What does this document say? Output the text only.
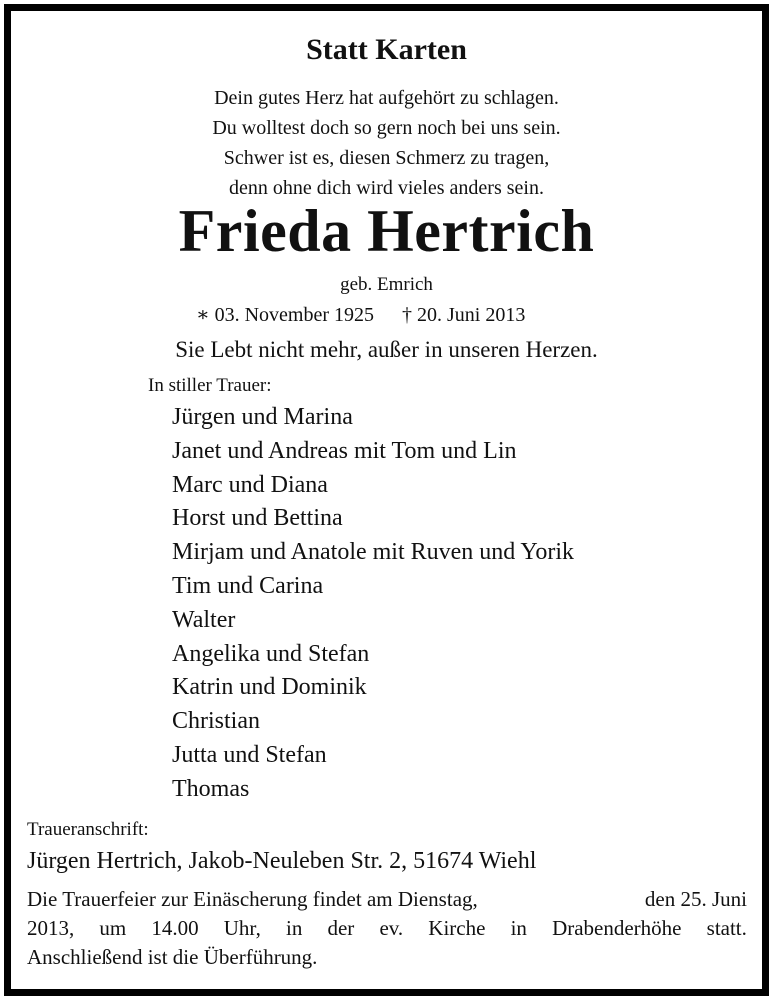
Statt Karten
Dein gutes Herz hat aufgehört zu schlagen.
Du wolltest doch so gern noch bei uns sein.
Schwer ist es, diesen Schmerz zu tragen,
denn ohne dich wird vieles anders sein.
Frieda Hertrich
geb. Emrich
∗ 03. November 1925 † 20. Juni 2013
Sie Lebt nicht mehr, außer in unseren Herzen.
In stiller Trauer:
Jürgen und Marina
Janet und Andreas mit Tom und Lin
Marc und Diana
Horst und Bettina
Mirjam und Anatole mit Ruven und Yorik
Tim und Carina
Walter
Angelika und Stefan
Katrin und Dominik
Christian
Jutta und Stefan
Thomas
Traueranschrift:
Jürgen Hertrich, Jakob-Neuleben Str. 2, 51674 Wiehl
Die Trauerfeier zur Einäscherung findet am Dienstag,	den 25. Juni
2013, um 14.00 Uhr, in der ev. Kirche in Drabenderhöhe statt.
Anschließend ist die Überführung.
